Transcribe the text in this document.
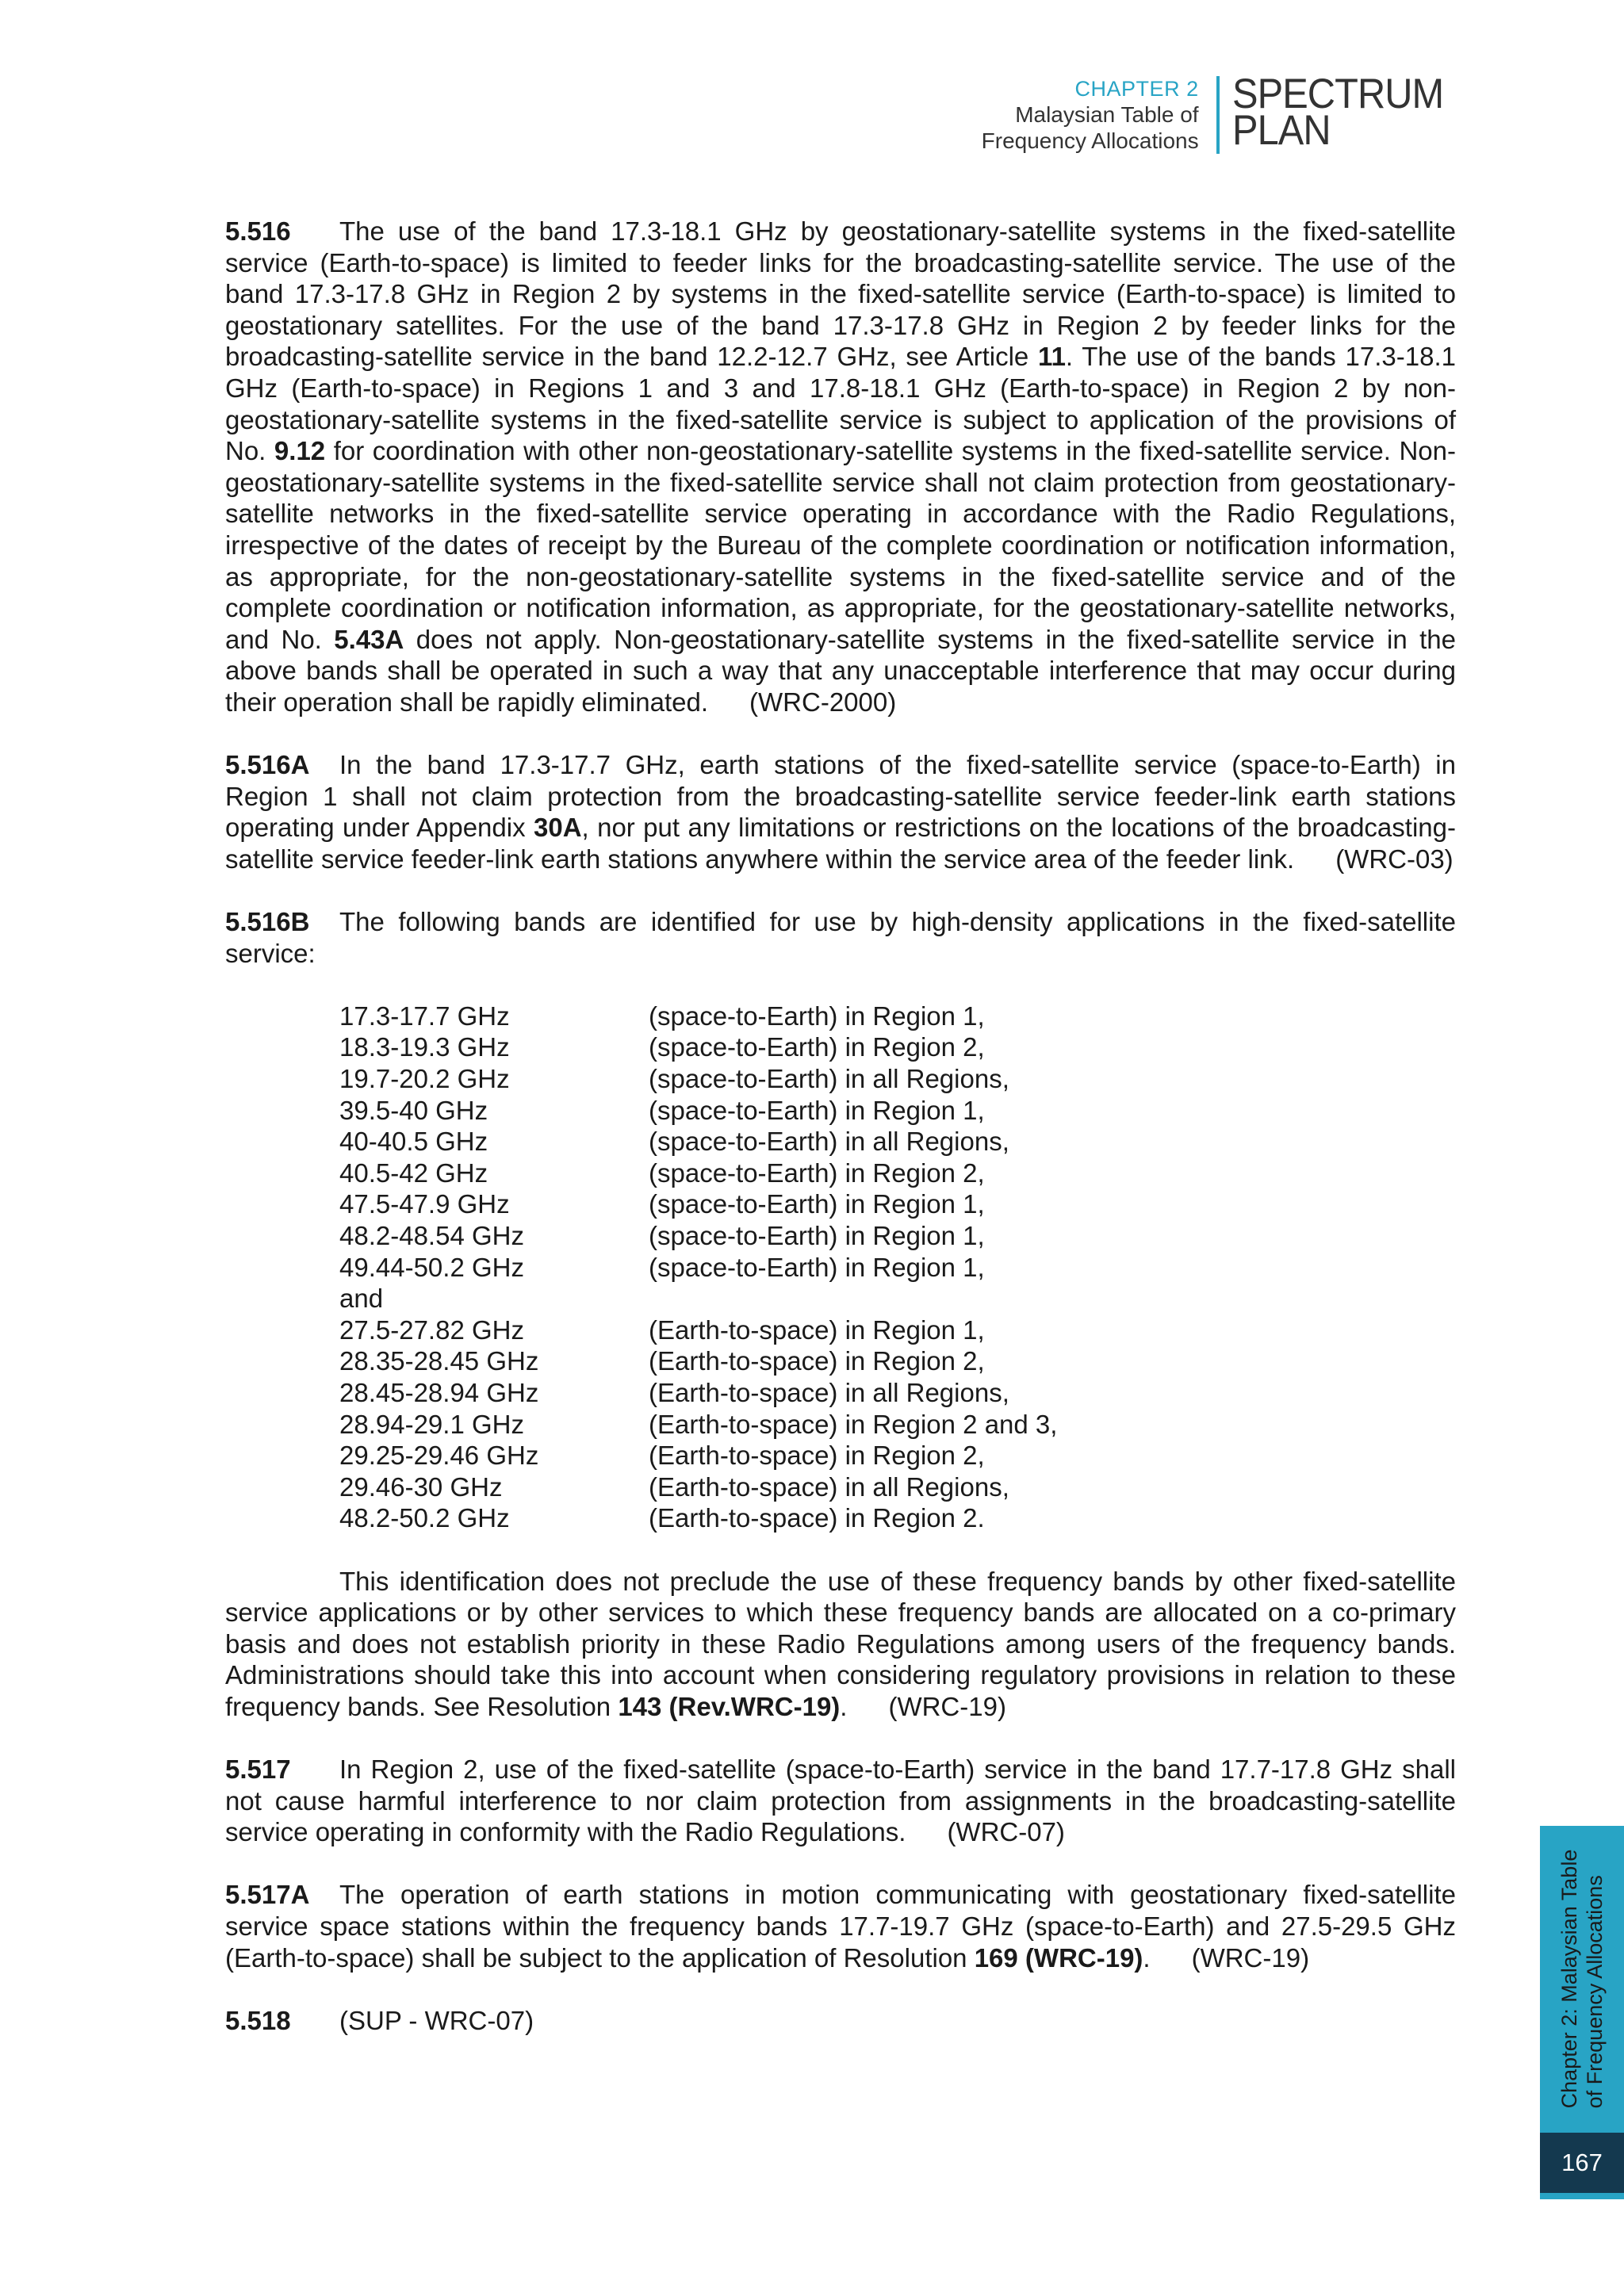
CHAPTER 2
Malaysian Table of
Frequency Allocations
SPECTRUM
PLAN

5.516 The use of the band 17.3-18.1 GHz by geostationary-satellite systems in the fixed-satellite service (Earth-to-space) is limited to feeder links for the broadcasting-satellite service. The use of the band 17.3-17.8 GHz in Region 2 by systems in the fixed-satellite service (Earth-to-space) is limited to geostationary satellites. For the use of the band 17.3-17.8 GHz in Region 2 by feeder links for the broadcasting-satellite service in the band 12.2-12.7 GHz, see Article 11. The use of the bands 17.3-18.1 GHz (Earth-to-space) in Regions 1 and 3 and 17.8-18.1 GHz (Earth-to-space) in Region 2 by non-geostationary-satellite systems in the fixed-satellite service is subject to application of the provisions of No. 9.12 for coordination with other non-geostationary-satellite systems in the fixed-satellite service. Non-geostationary-satellite systems in the fixed-satellite service shall not claim protection from geostationary-satellite networks in the fixed-satellite service operating in accordance with the Radio Regulations, irrespective of the dates of receipt by the Bureau of the complete coordination or notification information, as appropriate, for the non-geostationary-satellite systems in the fixed-satellite service and of the complete coordination or notification information, as appropriate, for the geostationary-satellite networks, and No. 5.43A does not apply. Non-geostationary-satellite systems in the fixed-satellite service in the above bands shall be operated in such a way that any unacceptable interference that may occur during their operation shall be rapidly eliminated. (WRC-2000)

5.516A In the band 17.3-17.7 GHz, earth stations of the fixed-satellite service (space-to-Earth) in Region 1 shall not claim protection from the broadcasting-satellite service feeder-link earth stations operating under Appendix 30A, nor put any limitations or restrictions on the locations of the broadcasting-satellite service feeder-link earth stations anywhere within the service area of the feeder link. (WRC-03)

5.516B The following bands are identified for use by high-density applications in the fixed-satellite service:

17.3-17.7 GHz	(space-to-Earth) in Region 1,
18.3-19.3 GHz	(space-to-Earth) in Region 2,
19.7-20.2 GHz	(space-to-Earth) in all Regions,
39.5-40 GHz	(space-to-Earth) in Region 1,
40-40.5 GHz	(space-to-Earth) in all Regions,
40.5-42 GHz	(space-to-Earth) in Region 2,
47.5-47.9 GHz	(space-to-Earth) in Region 1,
48.2-48.54 GHz	(space-to-Earth) in Region 1,
49.44-50.2 GHz	(space-to-Earth) in Region 1,
and
27.5-27.82 GHz	(Earth-to-space) in Region 1,
28.35-28.45 GHz	(Earth-to-space) in Region 2,
28.45-28.94 GHz	(Earth-to-space) in all Regions,
28.94-29.1 GHz	(Earth-to-space) in Region 2 and 3,
29.25-29.46 GHz	(Earth-to-space) in Region 2,
29.46-30 GHz	(Earth-to-space) in all Regions,
48.2-50.2 GHz	(Earth-to-space) in Region 2.

This identification does not preclude the use of these frequency bands by other fixed-satellite service applications or by other services to which these frequency bands are allocated on a co-primary basis and does not establish priority in these Radio Regulations among users of the frequency bands. Administrations should take this into account when considering regulatory provisions in relation to these frequency bands. See Resolution 143 (Rev.WRC-19). (WRC-19)

5.517 In Region 2, use of the fixed-satellite (space-to-Earth) service in the band 17.7-17.8 GHz shall not cause harmful interference to nor claim protection from assignments in the broadcasting-satellite service operating in conformity with the Radio Regulations. (WRC-07)

5.517A The operation of earth stations in motion communicating with geostationary fixed-satellite service space stations within the frequency bands 17.7-19.7 GHz (space-to-Earth) and 27.5-29.5 GHz (Earth-to-space) shall be subject to the application of Resolution 169 (WRC-19). (WRC-19)

5.518 (SUP - WRC-07)	Chapter 2: Malaysian Table of Frequency Allocations
167
